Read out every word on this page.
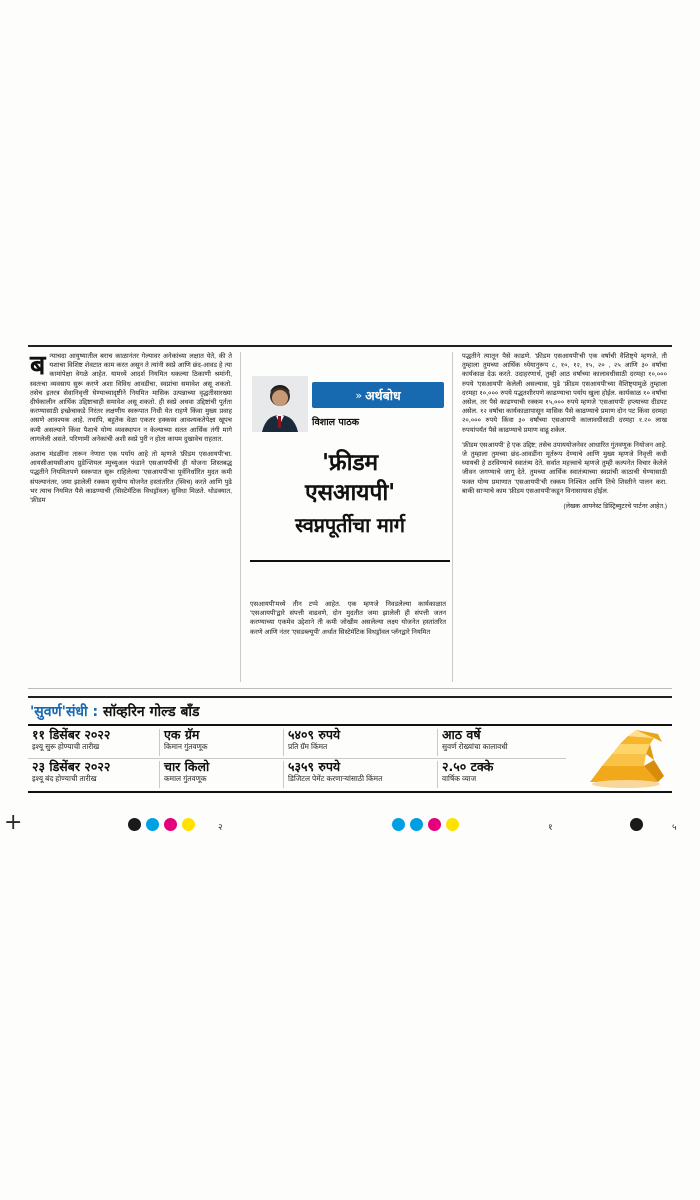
+

ब न्याचदा आयुष्यातील बराच काळानंतर गेल्यावर अनेकांच्या लक्षात येते, की ते यशाचा विशिष्ट शेवटात काम करत असून ते त्यांनी स्वप्ने आणि छंद-आवड हे त्या कामांपेक्षा वेगळे आहेत. यामध्ये आदर्श नियमित थकल्या ठिकाणी श्रमांनी, स्वतःचा व्यवसाय सुरू करणे अशा विविध आवडीचा, स्वप्नांचा समावेश असू शकतो. तसेच इतरत्र सेवानिवृत्ती घेण्याच्यादृष्टीने नियमित मासिक उत्पन्नाच्या वृद्धतीसारख्या दीर्घकालीन आर्थिक उद्दिष्टाचाही समावेश असू शकतो. ही स्वप्ने अथवा उद्दिष्टांची पूर्तता करण्यासाठी इच्छेचाकडे निरंतर लक्षणीय स्वरूपात निधी येत राहणे किंवा मुख्य प्रवाह असणे आवश्यक आहे. तथापि, बहुतेक वेळा एकतर हक्कस्व आवश्यकतेपेक्षा खूपच कमी असल्याने किंवा पैशाचे योग्य व्यवस्थापन न केल्याच्या सतत आर्थिक तंगी मागे लागलेली असते. परिणामी अनेकांची अशी स्वप्ने पुरी न होता कायम दुखावेच राहतात.

अशाच मंडळींना तारून नेणारा एक पर्याय आहे तो म्हणजे 'फ्रीडम एसआयपी'चा. आयसीआयसीआय प्रुडेन्शियल म्युच्युअल फंडाने एसआयपीची ही योजना शिस्तबद्ध पद्धतीने नियमितपणे स्वरूपात सुरू राहिलेल्या 'एसआयपी'चा पूर्वनिर्धारित मुदत कमी संपल्यानंतर, जमा झालेली रक्कम सुयोग्य योजनेत हस्तांतरित (स्विच) करते आणि पुढे भर त्याच नियमित पैसे काढण्याची (सिस्टेमॅटिक विथड्रॉवल) सुविधा मिळते. थोडक्यात, 'फ्रीडम

» अर्थबोध
विशाल पाठक
'फ्रीडम
एसआयपी'
स्वप्नपूर्तीचा मार्ग

एसआयपी'मध्ये तीन टप्पे आहेत. एक म्हणजे निवडलेल्या कार्यकाळात 'एसआयपी'द्वारे संपत्ती वाढवणे, दोन मुदतीत जमा झालेली ही संपत्ती जतन करण्याच्या एकमेव उद्देशाने ती कमी जोखीम असलेल्या लक्ष्य योजनेत हस्तांतरित करणे आणि नंतर 'एसडब्ल्यूपी' अर्थात सिस्टेमॅटिक विथड्रॉवल प्लॅनद्वारे नियमित

पद्धतीने त्यातून पैसे काढणे. 'फ्रीडम एसआयपी'ची एक वर्षाची वैशिष्ट्ये म्हणजे, ती तुम्हाला तुमच्या आर्थिक ध्येयानुरूप ८, १०, १२, १५, २० , २५ आणि ३० वर्षांचा कार्यकाळ देऊ करते. उदाहरणार्थ, तुम्ही आठ वर्षांच्या कालावधीसाठी दरमहा १०,००० रुपये 'एसआयपी' केलेली असल्यास, पुढे 'फ्रीडम एसआयपी'च्या वैशिष्ट्यामुळे तुम्हाला दरमहा १०,००० रुपये पद्धतशीरपणे काढण्याचा पर्याय खुला होईल. कार्यकाळ १० वर्षांचा असेल, तर पैसे काढण्याची रक्कम १५,००० रुपये म्हणजे 'एसआयपी' हप्त्याच्या दीडपट असेल. १२ वर्षांचा कार्यकाळापासून मासिक पैसे काढण्याचे प्रमाण दोन पट किंवा दरमहा २०,००० रुपये किंवा ३० वर्षांच्या एसआयपी कालावधीसाठी दरमहा १.२० लाख रुपयांपर्यंत पैसे काढण्याचे प्रमाण वाढू शकेल.

'फ्रीडम एसआयपी' हे एक उद्दिष्ट; तसेच उपाययोजनेवर आधारित गुंतवणूक नियोजन आहे. जे तुम्हाला तुमच्या छंद-आवडींना मूर्तरूप देण्याचे आणि मुख्य म्हणजे निवृत्ती कधी घ्यायची हे ठरविण्याचे स्वातंत्र्य देते. सर्वात महत्त्वाचे म्हणजे तुम्ही कल्पनेत विचार केलेले जीवन जगण्याचे जागू देते. तुमच्या आर्थिक स्वातंत्र्याच्या स्वप्नांची काठाची घेण्यासाठी फक्त योग्य प्रमाणात 'एसआयपी'ची रक्कम निश्चित आणि तिचे शिस्तीने पालन करा. बाकी साऱ्याचे काम 'फ्रीडम एसआयपी'कडून विनासायास होईल.

(लेखक आयनेस्ट डिस्ट्रिब्युटरचे पार्टनर आहेत.)

'सुवर्ण'संधी : सॉव्हरिन गोल्ड बाँड
११ डिसेंबर २०२२
इश्यू सुरू होण्याची तारीख
एक ग्रॅम
किमान गुंतवणूक
५४०९ रुपये
प्रति ग्रॅम किंमत
आठ वर्षे
सुवर्ण रोख्यांचा कालावधी
२३ डिसेंबर २०२२
इश्यू बंद होण्याची तारीख
चार किलो
कमाल गुंतवणूक
५३५९ रुपये
डिजिटल पेमेंट करणाऱ्यांसाठी किंमत
२.५० टक्के
वार्षिक व्याज
२	१	५
